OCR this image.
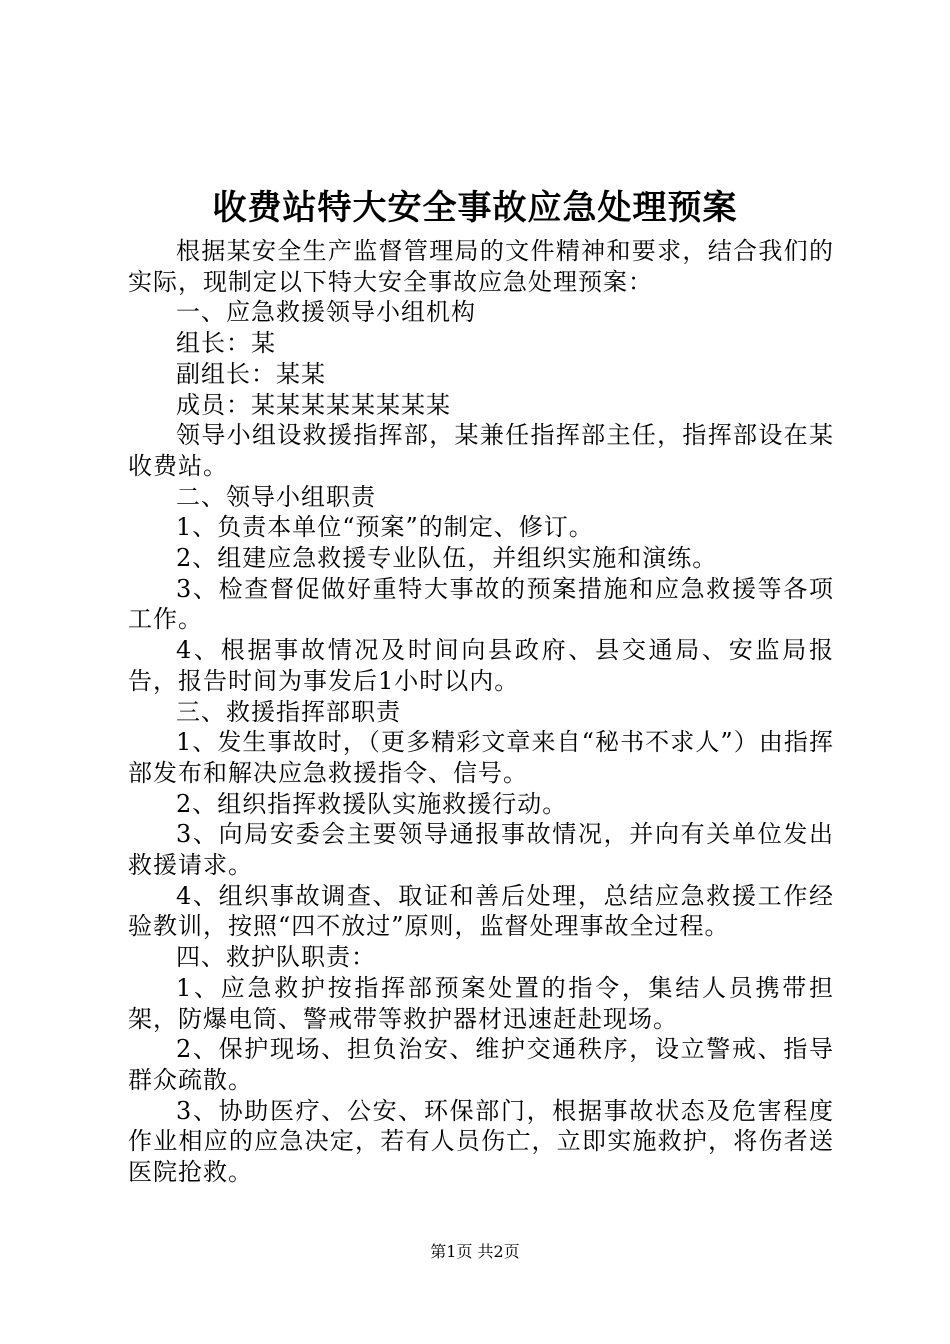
收费站特大安全事故应急处理预案

根据某安全生产监督管理局的文件精神和要求，结合我们的实际，现制定以下特大安全事故应急处理预案：

一、应急救援领导小组机构

组长：某

副组长：某某

成员：某某某某某某某某

领导小组设救援指挥部，某兼任指挥部主任，指挥部设在某收费站。

二、领导小组职责

1、负责本单位“预案”的制定、修订。

2、组建应急救援专业队伍，并组织实施和演练。

3、检查督促做好重特大事故的预案措施和应急救援等各项工作。

4、根据事故情况及时间向县政府、县交通局、安监局报告，报告时间为事发后1小时以内。

三、救援指挥部职责

1、发生事故时，（更多精彩文章来自“秘书不求人”）由指挥部发布和解决应急救援指令、信号。

2、组织指挥救援队实施救援行动。

3、向局安委会主要领导通报事故情况，并向有关单位发出救援请求。

4、组织事故调查、取证和善后处理，总结应急救援工作经验教训，按照“四不放过”原则，监督处理事故全过程。

四、救护队职责：

1、应急救护按指挥部预案处置的指令，集结人员携带担架，防爆电筒、警戒带等救护器材迅速赶赴现场。

2、保护现场、担负治安、维护交通秩序，设立警戒、指导群众疏散。

3、协助医疗、公安、环保部门，根据事故状态及危害程度作业相应的应急决定，若有人员伤亡，立即实施救护，将伤者送医院抢救。

第1页 共2页
